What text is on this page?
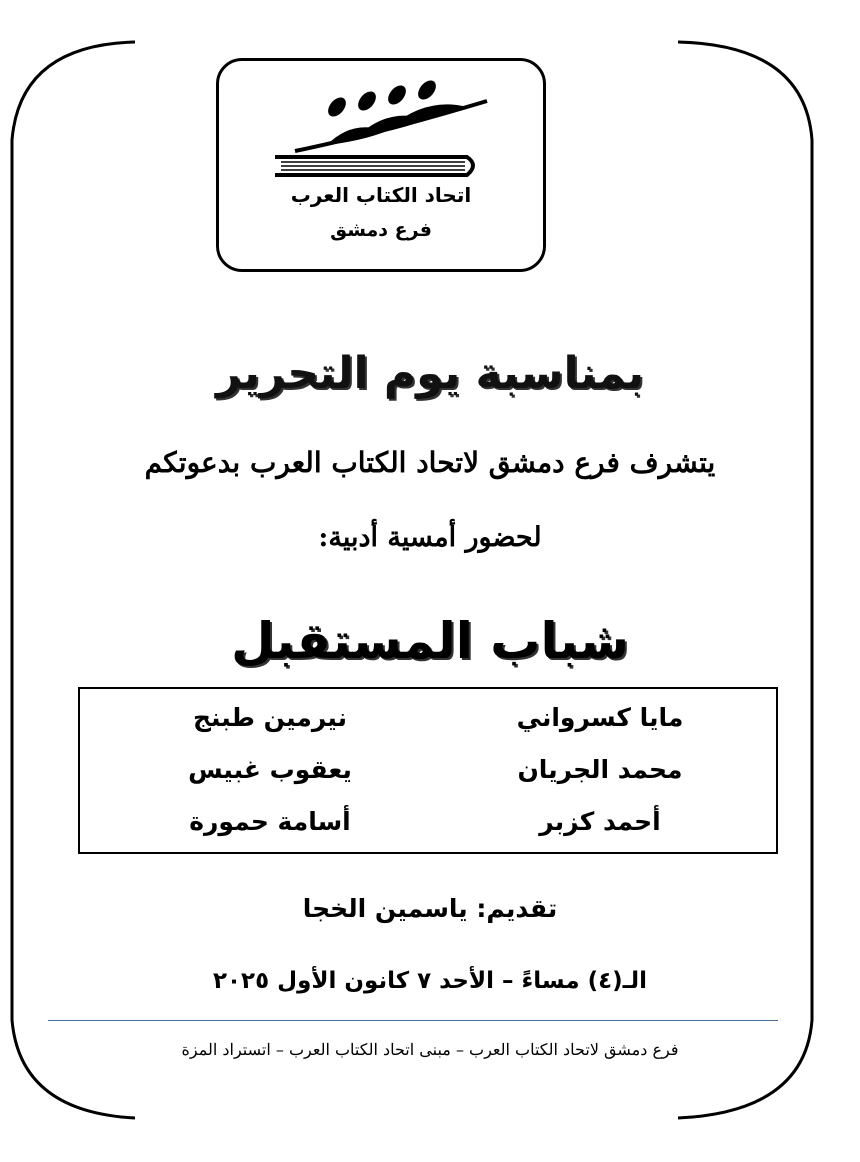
اتحاد الكتاب العرب
فرع دمشق
بمناسبة يوم التحرير
يتشرف فرع دمشق لاتحاد الكتاب العرب بدعوتكم
لحضور أمسية أدبية:
شباب المستقبل
مايا كسرواني
نيرمين طبنج
محمد الجريان
يعقوب غبيس
أحمد كزبر
أسامة حمورة
تقديم: ياسمين الخجا
الـ(٤) مساءً – الأحد ٧ كانون الأول ٢٠٢٥
فرع دمشق لاتحاد الكتاب العرب – مبنى اتحاد الكتاب العرب – اتستراد المزة
